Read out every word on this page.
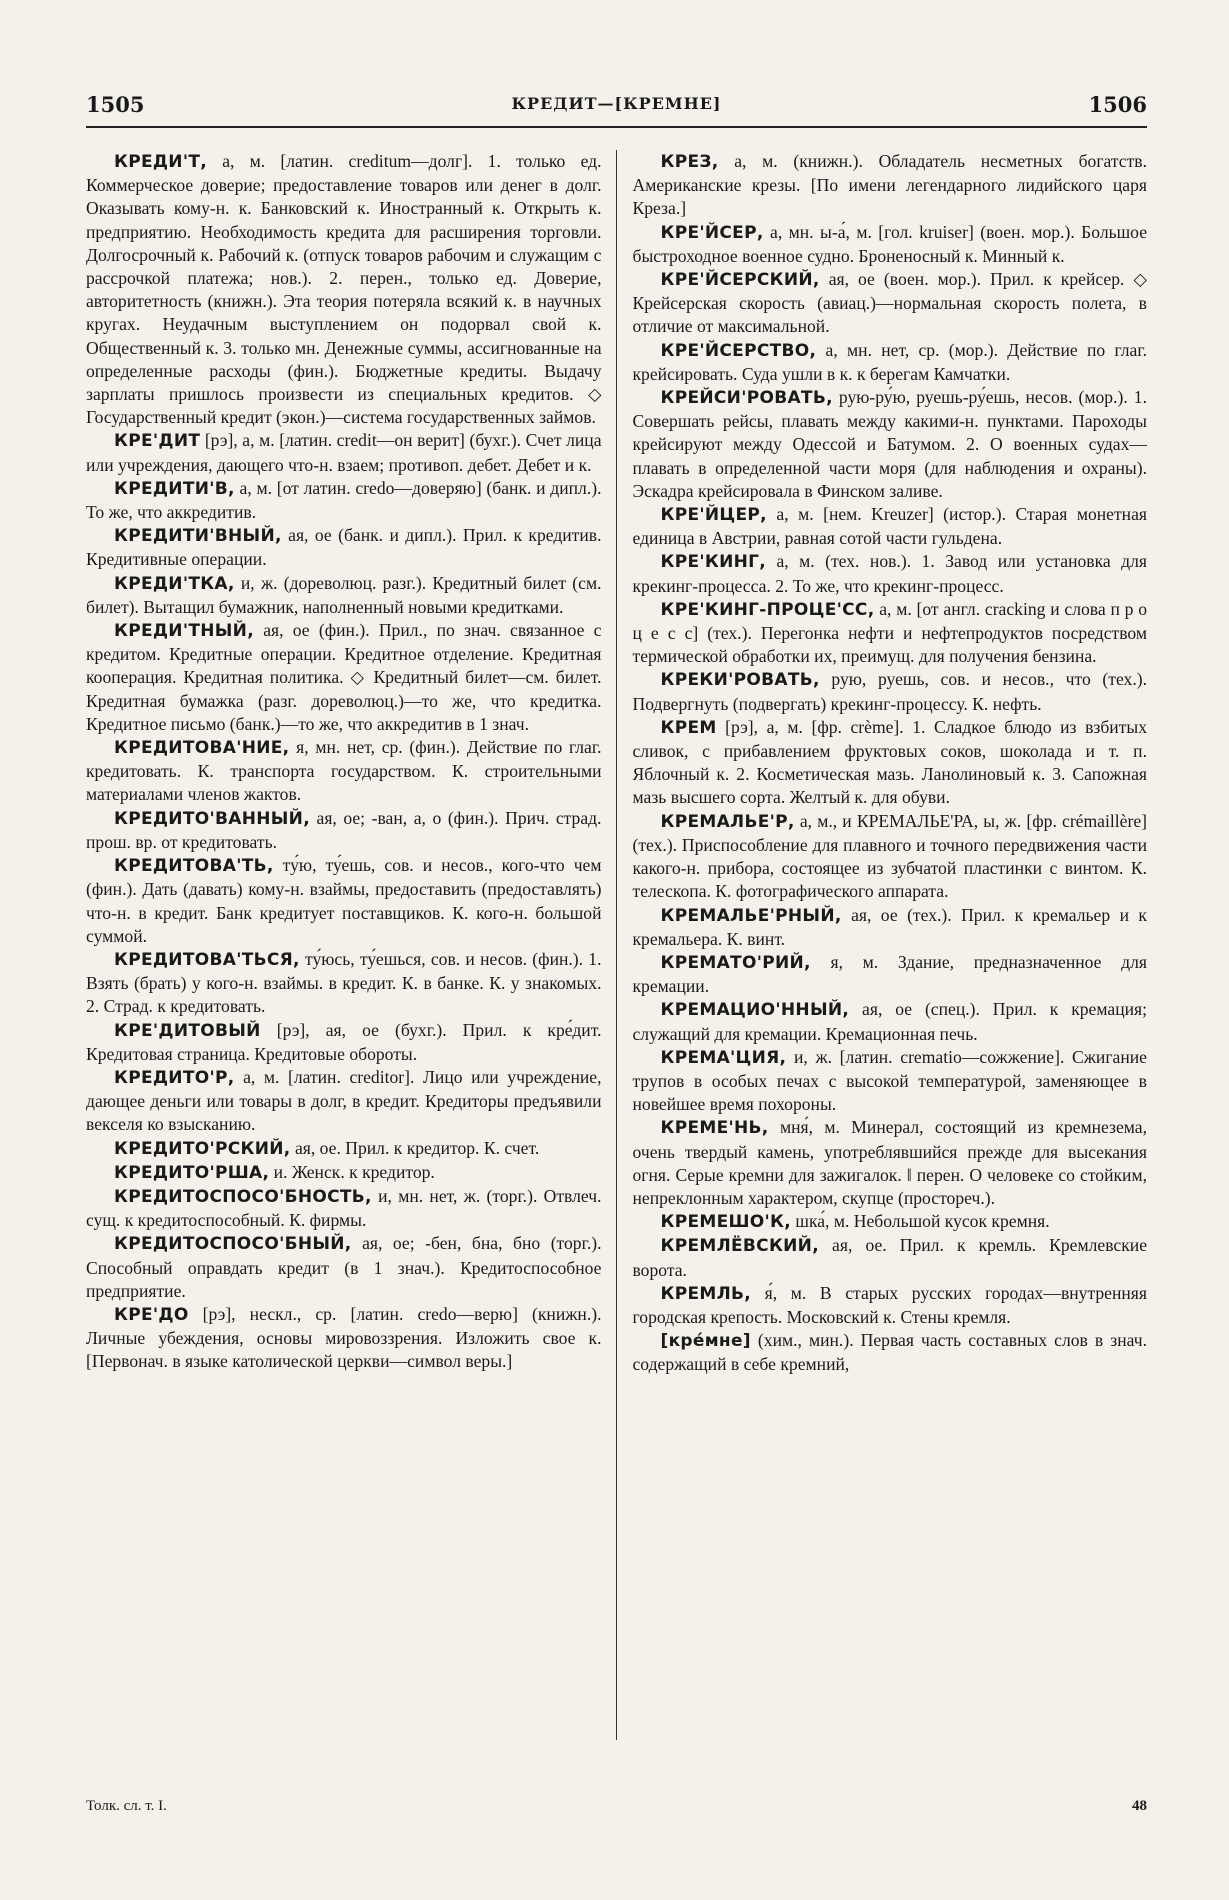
1505	КРЕДИТ—[КРЕМНЕ]	1506

КРЕДИ'Т, а, м. [латин. creditum—долг]. 1. только ед. Коммерческое доверие; предоставление товаров или денег в долг. Оказывать кому-н. к. Банковский к. Иностранный к. Открыть к. предприятию. Необходимость кредита для расширения торговли. Долгосрочный к. Рабочий к. (отпуск товаров рабочим и служащим с рассрочкой платежа; нов.). 2. перен., только ед. Доверие, авторитетность (книжн.). Эта теория потеряла всякий к. в научных кругах. Неудачным выступлением он подорвал свой к. Общественный к. 3. только мн. Денежные суммы, ассигнованные на определенные расходы (фин.). Бюджетные кредиты. Выдачу зарплаты пришлось произвести из специальных кредитов. ◇ Государственный кредит (экон.)—система государственных займов.

КРЕ'ДИТ [рэ], а, м. [латин. credit—он верит] (бухг.). Счет лица или учреждения, дающего что-н. взаем; противоп. дебет. Дебет и к.

КРЕДИТИ'В, а, м. [от латин. credo—доверяю] (банк. и дипл.). То же, что аккредитив.

КРЕДИТИ'ВНЫЙ, ая, ое (банк. и дипл.). Прил. к кредитив. Кредитивные операции.

КРЕДИ'ТКА, и, ж. (дореволюц. разг.). Кредитный билет (см. билет). Вытащил бумажник, наполненный новыми кредитками.

КРЕДИ'ТНЫЙ, ая, ое (фин.). Прил., по знач. связанное с кредитом. Кредитные операции. Кредитное отделение. Кредитная кооперация. Кредитная политика. ◇ Кредитный билет—см. билет. Кредитная бумажка (разг. дореволюц.)—то же, что кредитка. Кредитное письмо (банк.)—то же, что аккредитив в 1 знач.

КРЕДИТОВА'НИЕ, я, мн. нет, ср. (фин.). Действие по глаг. кредитовать. К. транспорта государством. К. строительными материалами членов жактов.

КРЕДИТО'ВАННЫЙ, ая, ое; -ван, а, о (фин.). Прич. страд. прош. вр. от кредитовать.

КРЕДИТОВА'ТЬ, ту́ю, ту́ешь, сов. и несов., кого-что чем (фин.). Дать (давать) кому-н. взаймы, предоставить (предоставлять) что-н. в кредит. Банк кредитует поставщиков. К. кого-н. большой суммой.

КРЕДИТОВА'ТЬСЯ, ту́юсь, ту́ешься, сов. и несов. (фин.). 1. Взять (брать) у кого-н. взаймы. в кредит. К. в банке. К. у знакомых. 2. Страд. к кредитовать.

КРЕ'ДИТОВЫЙ [рэ], ая, ое (бухг.). Прил. к кре́дит. Кредитовая страница. Кредитовые обороты.

КРЕДИТО'Р, а, м. [латин. creditor]. Лицо или учреждение, дающее деньги или товары в долг, в кредит. Кредиторы предъявили векселя ко взысканию.

КРЕДИТО'РСКИЙ, ая, ое. Прил. к кредитор. К. счет.

КРЕДИТО'РША, и. Женск. к кредитор.

КРЕДИТОСПОСО'БНОСТЬ, и, мн. нет, ж. (торг.). Отвлеч. сущ. к кредитоспособный. К. фирмы.

КРЕДИТОСПОСО'БНЫЙ, ая, ое; -бен, бна, бно (торг.). Способный оправдать кредит (в 1 знач.). Кредитоспособное предприятие.

КРЕ'ДО [рэ], нескл., ср. [латин. credo—верю] (книжн.). Личные убеждения, основы мировоззрения. Изложить свое к. [Первонач. в языке католической церкви—символ веры.]

КРЕЗ, а, м. (книжн.). Обладатель несметных богатств. Американские крезы. [По имени легендарного лидийского царя Креза.]

КРЕ'ЙСЕР, а, мн. ы-а́, м. [гол. kruiser] (воен. мор.). Большое быстроходное военное судно. Броненосный к. Минный к.

КРЕ'ЙСЕРСКИЙ, ая, ое (воен. мор.). Прил. к крейсер. ◇ Крейсерская скорость (авиац.)—нормальная скорость полета, в отличие от максимальной.

КРЕ'ЙСЕРСТВО, а, мн. нет, ср. (мор.). Действие по глаг. крейсировать. Суда ушли в к. к берегам Камчатки.

КРЕЙСИ'РОВАТЬ, рую-ру́ю, руешь-ру́ешь, несов. (мор.). 1. Совершать рейсы, плавать между какими-н. пунктами. Пароходы крейсируют между Одессой и Батумом. 2. О военных судах—плавать в определенной части моря (для наблюдения и охраны). Эскадра крейсировала в Финском заливе.

КРЕ'ЙЦЕР, а, м. [нем. Kreuzer] (истор.). Старая монетная единица в Австрии, равная сотой части гульдена.

КРЕ'КИНГ, а, м. (тех. нов.). 1. Завод или установка для крекинг-процесса. 2. То же, что крекинг-процесс.

КРЕ'КИНГ-ПРОЦЕ'СС, а, м. [от англ. cracking и слова п р о ц е с с] (тех.). Перегонка нефти и нефтепродуктов посредством термической обработки их, преимущ. для получения бензина.

КРЕКИ'РОВАТЬ, рую, руешь, сов. и несов., что (тех.). Подвергнуть (подвергать) крекинг-процессу. К. нефть.

КРЕМ [рэ], а, м. [фр. crème]. 1. Сладкое блюдо из взбитых сливок, с прибавлением фруктовых соков, шоколада и т. п. Яблочный к. 2. Косметическая мазь. Ланолиновый к. 3. Сапожная мазь высшего сорта. Желтый к. для обуви.

КРЕМАЛЬЕ'Р, а, м., и КРЕМАЛЬЕ'РА, ы, ж. [фр. crémaillère] (тех.). Приспособление для плавного и точного передвижения части какого-н. прибора, состоящее из зубчатой пластинки с винтом. К. телескопа. К. фотографического аппарата.

КРЕМАЛЬЕ'РНЫЙ, ая, ое (тех.). Прил. к кремальер и к кремальера. К. винт.

КРЕМАТО'РИЙ, я, м. Здание, предназначенное для кремации.

КРЕМАЦИО'ННЫЙ, ая, ое (спец.). Прил. к кремация; служащий для кремации. Кремационная печь.

КРЕМА'ЦИЯ, и, ж. [латин. crematio—сожжение]. Сжигание трупов в особых печах с высокой температурой, заменяющее в новейшее время похороны.

КРЕМЕ'НЬ, мня́, м. Минерал, состоящий из кремнезема, очень твердый камень, употреблявшийся прежде для высекания огня. Серые кремни для зажигалок. ‖ перен. О человеке со стойким, непреклонным характером, скупце (простореч.).

КРЕМЕШО'К, шка́, м. Небольшой кусок кремня.

КРЕМЛЁВСКИЙ, ая, ое. Прил. к кремль. Кремлевские ворота.

КРЕМЛЬ, я́, м. В старых русских городах—внутренняя городская крепость. Московский к. Стены кремля.

[кре́мне] (хим., мин.). Первая часть составных слов в знач. содержащий в себе кремний,

Толк. сл. т. I.	48
